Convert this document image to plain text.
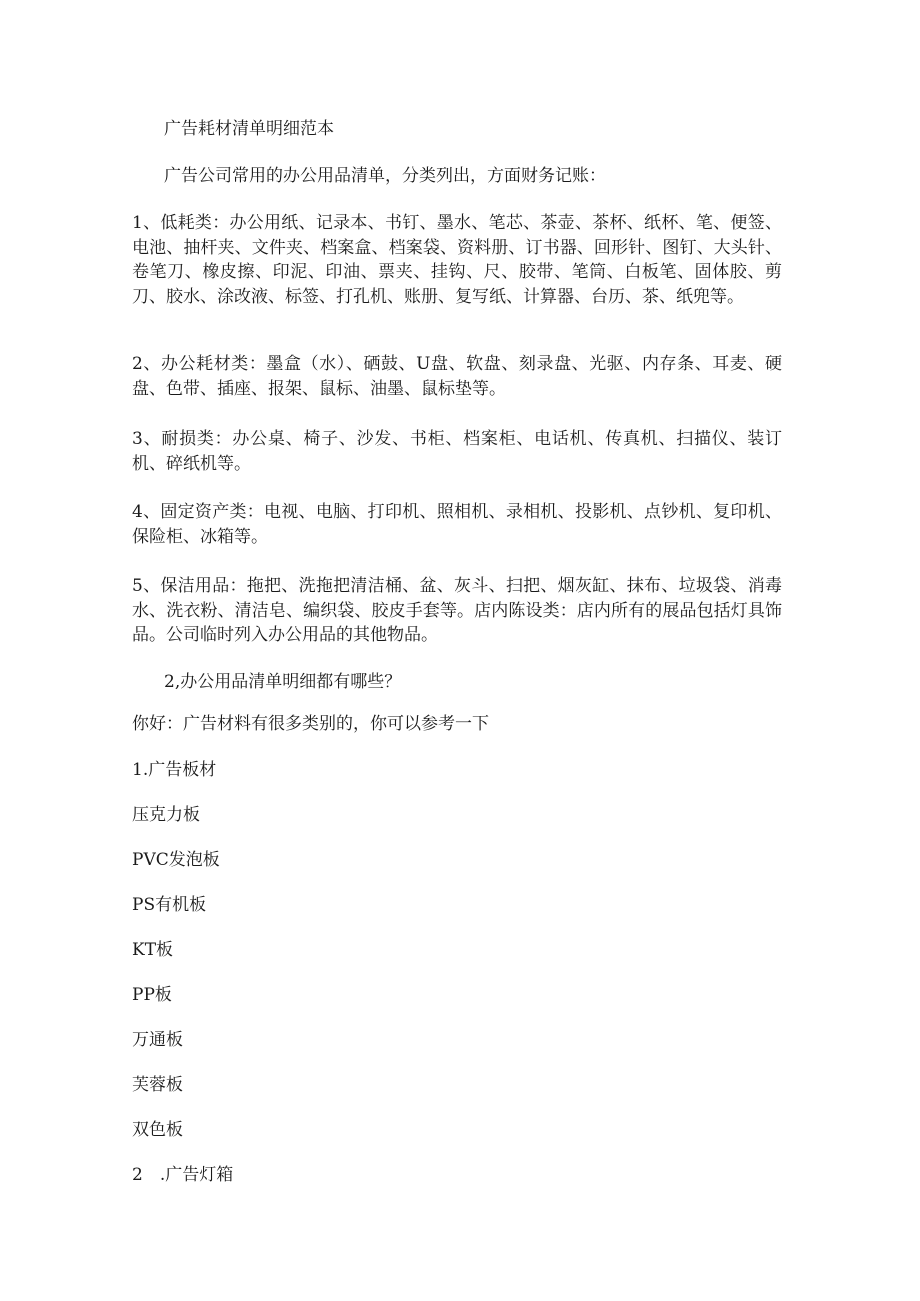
广告耗材清单明细范本
广告公司常用的办公用品清单，分类列出，方面财务记账：
1、低耗类：办公用纸、记录本、书钉、墨水、笔芯、茶壶、茶杯、纸杯、笔、便签、电池、抽杆夹、文件夹、档案盒、档案袋、资料册、订书器、回形针、图钉、大头针、卷笔刀、橡皮擦、印泥、印油、票夹、挂钩、尺、胶带、笔筒、白板笔、固体胶、剪刀、胶水、涂改液、标签、打孔机、账册、复写纸、计算器、台历、茶、纸兜等。
2、办公耗材类：墨盒（水）、硒鼓、U盘、软盘、刻录盘、光驱、内存条、耳麦、硬盘、色带、插座、报架、鼠标、油墨、鼠标垫等。
3、耐损类：办公桌、椅子、沙发、书柜、档案柜、电话机、传真机、扫描仪、装订机、碎纸机等。
4、固定资产类：电视、电脑、打印机、照相机、录相机、投影机、点钞机、复印机、保险柜、冰箱等。
5、保洁用品：拖把、洗拖把清洁桶、盆、灰斗、扫把、烟灰缸、抹布、垃圾袋、消毒水、洗衣粉、清洁皂、编织袋、胶皮手套等。店内陈设类：店内所有的展品包括灯具饰品。公司临时列入办公用品的其他物品。
2,办公用品清单明细都有哪些？
你好：广告材料有很多类别的，你可以参考一下
1.广告板材
压克力板
PVC发泡板
PS有机板
KT板
PP板
万通板
芙蓉板
双色板
2　.广告灯箱
